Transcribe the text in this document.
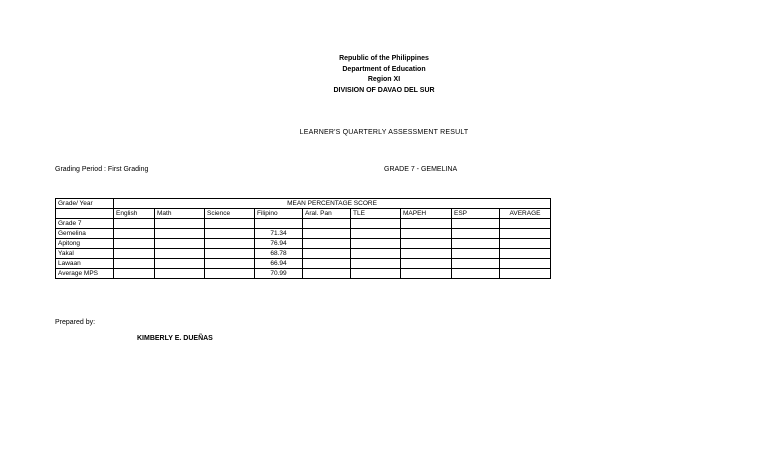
Republic of the Philippines
Department of Education
Region XI
DIVISION OF DAVAO DEL SUR
LEARNER'S QUARTERLY ASSESSMENT RESULT
Grading Period : First Grading	GRADE 7 - GEMELINA
Grade/ Year	MEAN PERCENTAGE SCORE								
	English	Math	Science	Filipino	Aral. Pan	TLE	MAPEH	ESP	AVERAGE
Grade 7									
Gemelina				71.34					
Apitong				76.94					
Yakal				68.78					
Lawaan				66.94					
Average MPS				70.99					
Prepared by:
KIMBERLY E. DUEÑAS
